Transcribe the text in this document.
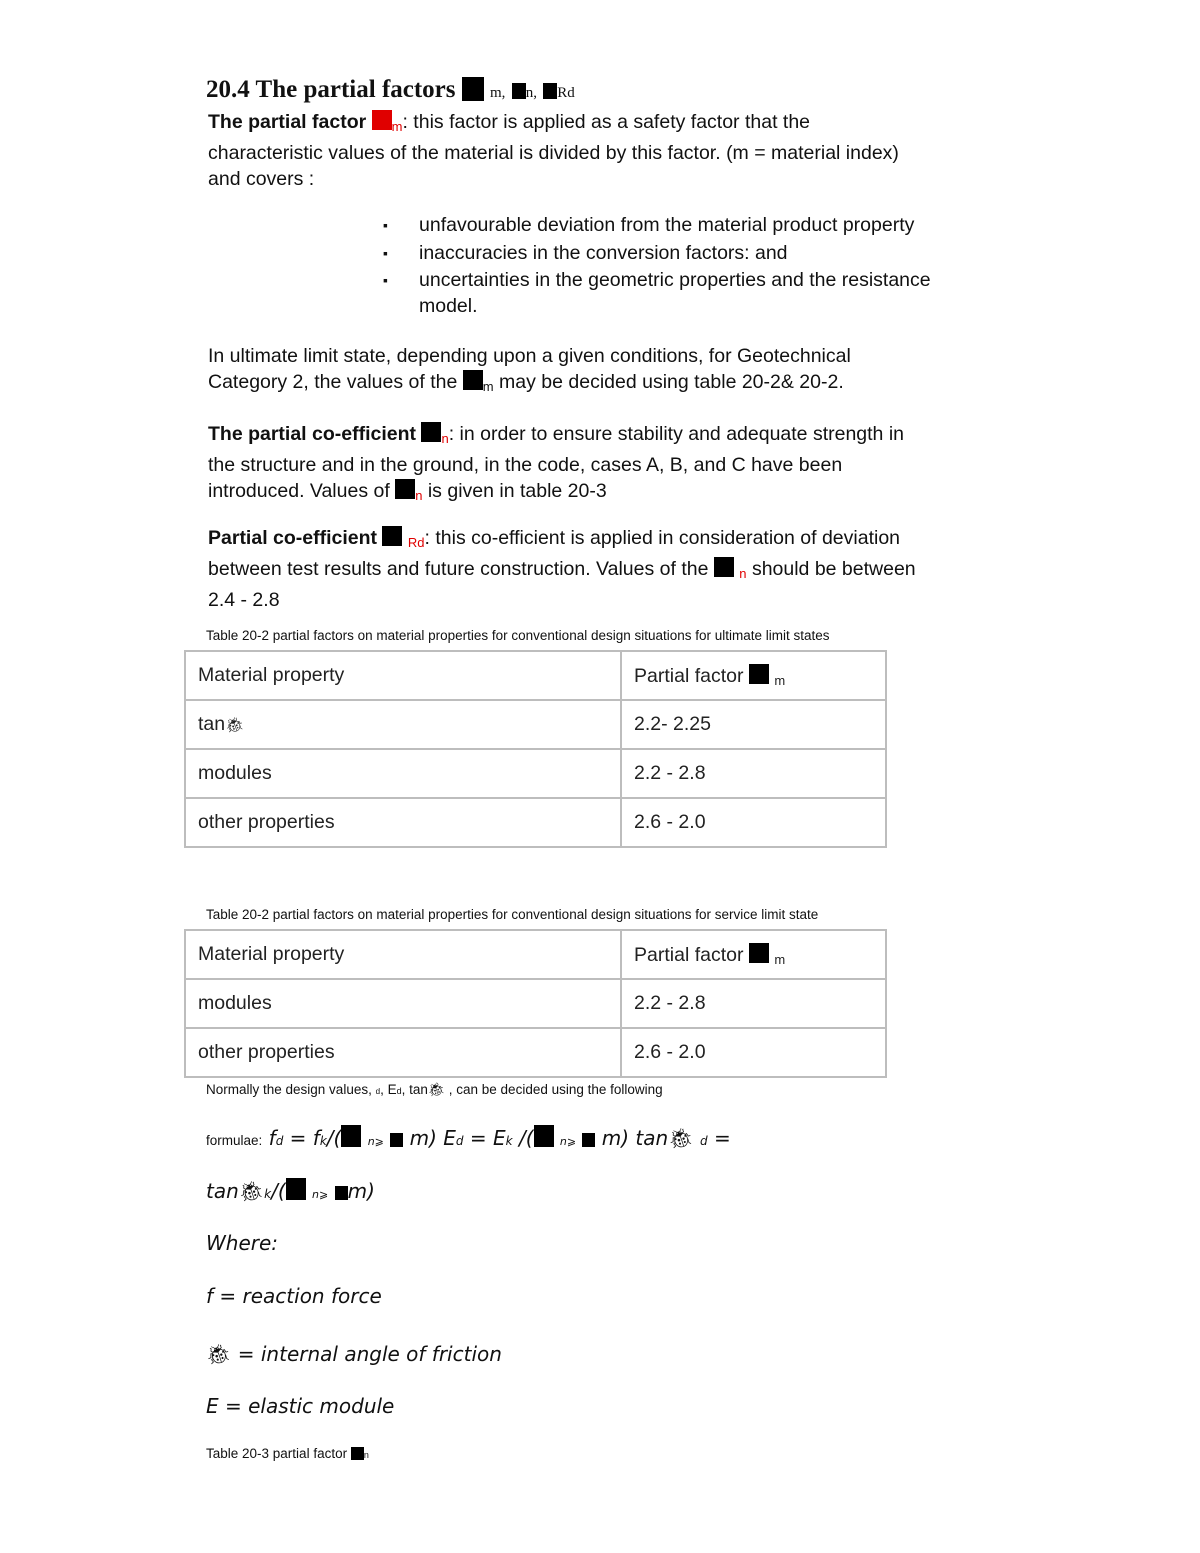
20.4 The partial factors m, n, Rd
The partial factor $_m$: this factor is applied as a safety factor that the
characteristic values of the material is divided by this factor. (m = material index)
and covers :
▪ unfavourable deviation from the material product property
▪ inaccuracies in the conversion factors: and
▪ uncertainties in the geometric properties and the resistance
model.
In ultimate limit state, depending upon a given conditions, for Geotechnical
Category 2, the values of the $_m$ may be decided using table 20-2& 20-2.
The partial co-efficient $_n$: in order to ensure stability and adequate strength in
the structure and in the ground, in the code, cases A, B, and C have been
introduced. Values of $_n$ is given in table 20-3
Partial co-efficient $_{Rd}$: this co-efficient is applied in consideration of deviation
between test results and future construction. Values of the $_n$ should be between
2.4 - 2.8
Table 20-2 partial factors on material properties for conventional design situations for ultimate limit states
Material property	Partial factor $_m$
tan🐞︎	2.2- 2.25
modules	2.2 - 2.8
other properties	2.6 - 2.0
Table 20-2 partial factors on material properties for conventional design situations for service limit state
Material property	Partial factor $_m$
modules	2.2 - 2.8
other properties	2.6 - 2.0
Normally the design values, d, Ed, tan🐞︎ , can be decided using the following
formulae: fd = fk/( n⩾ m) Ed = Ek /( n⩾ m) tan🐞︎ d =
tan🐞︎k/( n⩾ m)
Where:
f = reaction force
🐞︎ = internal angle of friction
E = elastic module
Table 20-3 partial factor n
